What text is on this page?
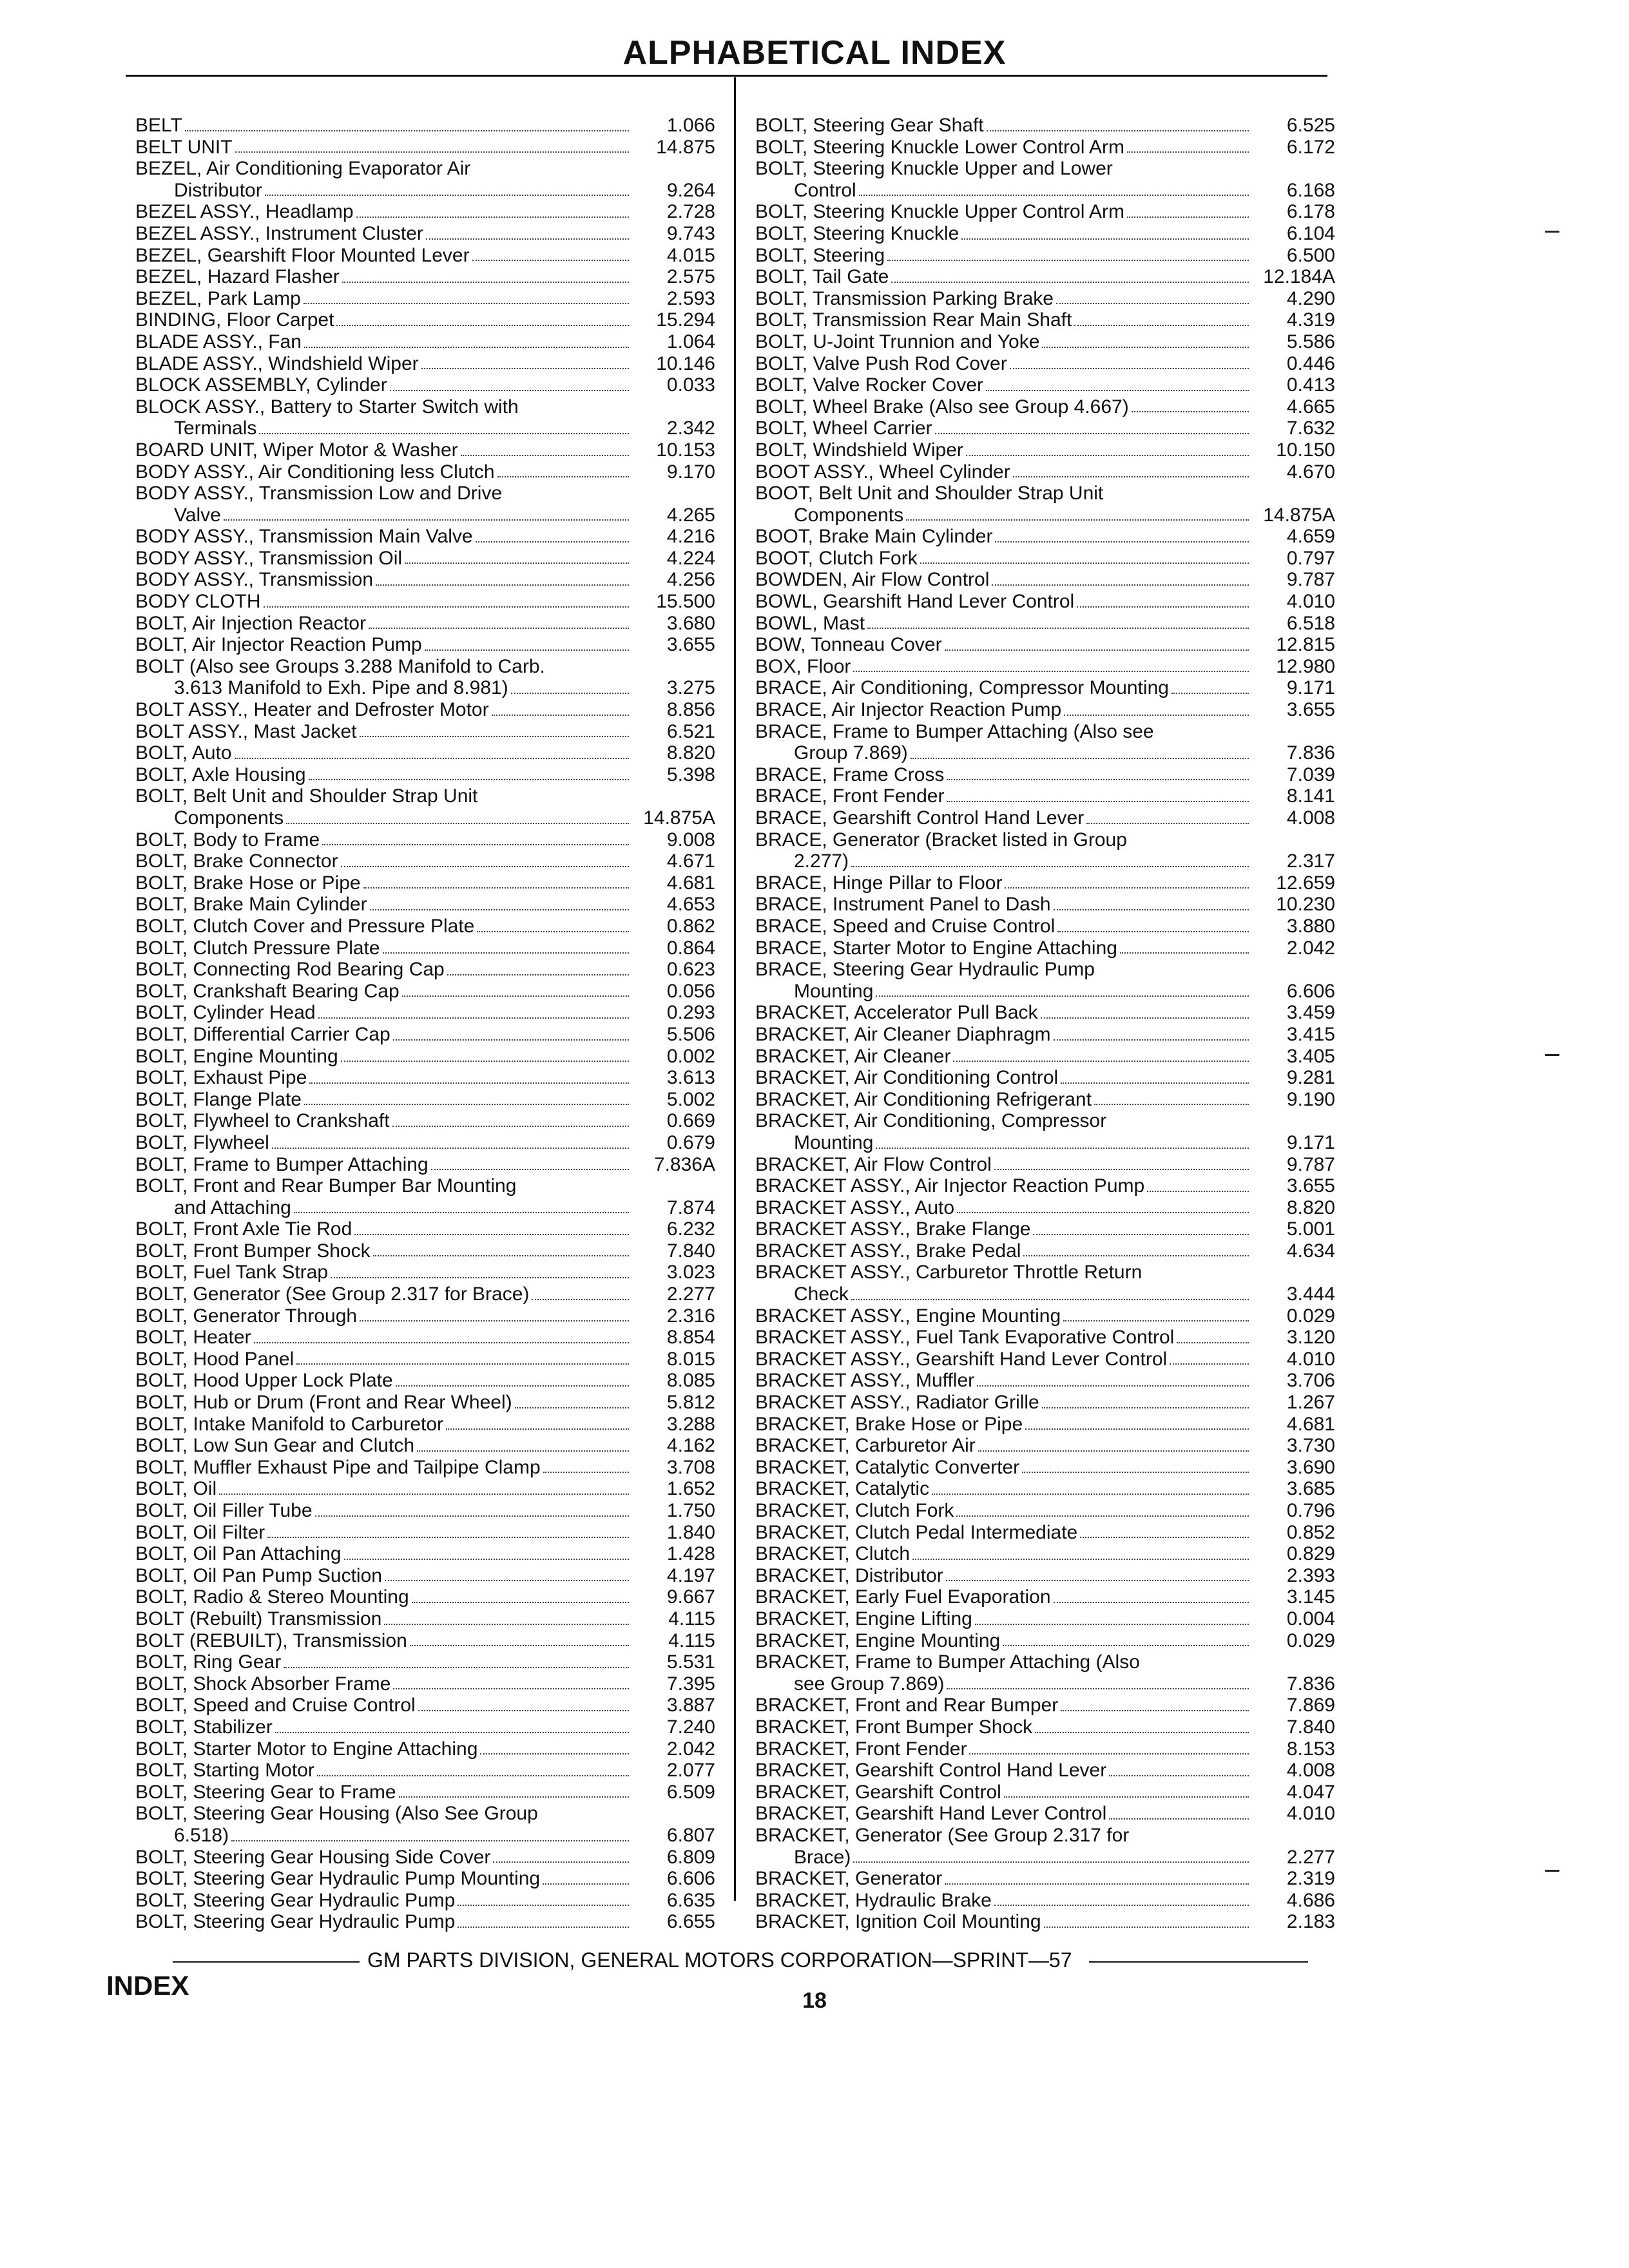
ALPHABETICAL INDEX
BELT	1.066
BELT UNIT	14.875
BEZEL, Air Conditioning Evaporator Air
Distributor	9.264
BEZEL ASSY., Headlamp	2.728
BEZEL ASSY., Instrument Cluster	9.743
BEZEL, Gearshift Floor Mounted Lever	4.015
BEZEL, Hazard Flasher	2.575
BEZEL, Park Lamp	2.593
BINDING, Floor Carpet	15.294
BLADE ASSY., Fan	1.064
BLADE ASSY., Windshield Wiper	10.146
BLOCK ASSEMBLY, Cylinder	0.033
BLOCK ASSY., Battery to Starter Switch with
Terminals	2.342
BOARD UNIT, Wiper Motor & Washer	10.153
BODY ASSY., Air Conditioning less Clutch	9.170
BODY ASSY., Transmission Low and Drive
Valve	4.265
BODY ASSY., Transmission Main Valve	4.216
BODY ASSY., Transmission Oil	4.224
BODY ASSY., Transmission	4.256
BODY CLOTH	15.500
BOLT, Air Injection Reactor	3.680
BOLT, Air Injector Reaction Pump	3.655
BOLT (Also see Groups 3.288 Manifold to Carb.
3.613 Manifold to Exh. Pipe and 8.981)	3.275
BOLT ASSY., Heater and Defroster Motor	8.856
BOLT ASSY., Mast Jacket	6.521
BOLT, Auto	8.820
BOLT, Axle Housing	5.398
BOLT, Belt Unit and Shoulder Strap Unit
Components	14.875A
BOLT, Body to Frame	9.008
BOLT, Brake Connector	4.671
BOLT, Brake Hose or Pipe	4.681
BOLT, Brake Main Cylinder	4.653
BOLT, Clutch Cover and Pressure Plate	0.862
BOLT, Clutch Pressure Plate	0.864
BOLT, Connecting Rod Bearing Cap	0.623
BOLT, Crankshaft Bearing Cap	0.056
BOLT, Cylinder Head	0.293
BOLT, Differential Carrier Cap	5.506
BOLT, Engine Mounting	0.002
BOLT, Exhaust Pipe	3.613
BOLT, Flange Plate	5.002
BOLT, Flywheel to Crankshaft	0.669
BOLT, Flywheel	0.679
BOLT, Frame to Bumper Attaching	7.836A
BOLT, Front and Rear Bumper Bar Mounting
and Attaching	7.874
BOLT, Front Axle Tie Rod	6.232
BOLT, Front Bumper Shock	7.840
BOLT, Fuel Tank Strap	3.023
BOLT, Generator (See Group 2.317 for Brace)	2.277
BOLT, Generator Through	2.316
BOLT, Heater	8.854
BOLT, Hood Panel	8.015
BOLT, Hood Upper Lock Plate	8.085
BOLT, Hub or Drum (Front and Rear Wheel)	5.812
BOLT, Intake Manifold to Carburetor	3.288
BOLT, Low Sun Gear and Clutch	4.162
BOLT, Muffler Exhaust Pipe and Tailpipe Clamp	3.708
BOLT, Oil	1.652
BOLT, Oil Filler Tube	1.750
BOLT, Oil Filter	1.840
BOLT, Oil Pan Attaching	1.428
BOLT, Oil Pan Pump Suction	4.197
BOLT, Radio & Stereo Mounting	9.667
BOLT (Rebuilt) Transmission	4.115
BOLT (REBUILT), Transmission	4.115
BOLT, Ring Gear	5.531
BOLT, Shock Absorber Frame	7.395
BOLT, Speed and Cruise Control	3.887
BOLT, Stabilizer	7.240
BOLT, Starter Motor to Engine Attaching	2.042
BOLT, Starting Motor	2.077
BOLT, Steering Gear to Frame	6.509
BOLT, Steering Gear Housing (Also See Group
6.518)	6.807
BOLT, Steering Gear Housing Side Cover	6.809
BOLT, Steering Gear Hydraulic Pump Mounting	6.606
BOLT, Steering Gear Hydraulic Pump	6.635
BOLT, Steering Gear Hydraulic Pump	6.655
BOLT, Steering Gear Shaft	6.525
BOLT, Steering Knuckle Lower Control Arm	6.172
BOLT, Steering Knuckle Upper and Lower
Control	6.168
BOLT, Steering Knuckle Upper Control Arm	6.178
BOLT, Steering Knuckle	6.104
BOLT, Steering	6.500
BOLT, Tail Gate	12.184A
BOLT, Transmission Parking Brake	4.290
BOLT, Transmission Rear Main Shaft	4.319
BOLT, U-Joint Trunnion and Yoke	5.586
BOLT, Valve Push Rod Cover	0.446
BOLT, Valve Rocker Cover	0.413
BOLT, Wheel Brake (Also see Group 4.667)	4.665
BOLT, Wheel Carrier	7.632
BOLT, Windshield Wiper	10.150
BOOT ASSY., Wheel Cylinder	4.670
BOOT, Belt Unit and Shoulder Strap Unit
Components	14.875A
BOOT, Brake Main Cylinder	4.659
BOOT, Clutch Fork	0.797
BOWDEN, Air Flow Control	9.787
BOWL, Gearshift Hand Lever Control	4.010
BOWL, Mast	6.518
BOW, Tonneau Cover	12.815
BOX, Floor	12.980
BRACE, Air Conditioning, Compressor Mounting	9.171
BRACE, Air Injector Reaction Pump	3.655
BRACE, Frame to Bumper Attaching (Also see
Group 7.869)	7.836
BRACE, Frame Cross	7.039
BRACE, Front Fender	8.141
BRACE, Gearshift Control Hand Lever	4.008
BRACE, Generator (Bracket listed in Group
2.277)	2.317
BRACE, Hinge Pillar to Floor	12.659
BRACE, Instrument Panel to Dash	10.230
BRACE, Speed and Cruise Control	3.880
BRACE, Starter Motor to Engine Attaching	2.042
BRACE, Steering Gear Hydraulic Pump
Mounting	6.606
BRACKET, Accelerator Pull Back	3.459
BRACKET, Air Cleaner Diaphragm	3.415
BRACKET, Air Cleaner	3.405
BRACKET, Air Conditioning Control	9.281
BRACKET, Air Conditioning Refrigerant	9.190
BRACKET, Air Conditioning, Compressor
Mounting	9.171
BRACKET, Air Flow Control	9.787
BRACKET ASSY., Air Injector Reaction Pump	3.655
BRACKET ASSY., Auto	8.820
BRACKET ASSY., Brake Flange	5.001
BRACKET ASSY., Brake Pedal	4.634
BRACKET ASSY., Carburetor Throttle Return
Check	3.444
BRACKET ASSY., Engine Mounting	0.029
BRACKET ASSY., Fuel Tank Evaporative Control	3.120
BRACKET ASSY., Gearshift Hand Lever Control	4.010
BRACKET ASSY., Muffler	3.706
BRACKET ASSY., Radiator Grille	1.267
BRACKET, Brake Hose or Pipe	4.681
BRACKET, Carburetor Air	3.730
BRACKET, Catalytic Converter	3.690
BRACKET, Catalytic	3.685
BRACKET, Clutch Fork	0.796
BRACKET, Clutch Pedal Intermediate	0.852
BRACKET, Clutch	0.829
BRACKET, Distributor	2.393
BRACKET, Early Fuel Evaporation	3.145
BRACKET, Engine Lifting	0.004
BRACKET, Engine Mounting	0.029
BRACKET, Frame to Bumper Attaching (Also
see Group 7.869)	7.836
BRACKET, Front and Rear Bumper	7.869
BRACKET, Front Bumper Shock	7.840
BRACKET, Front Fender	8.153
BRACKET, Gearshift Control Hand Lever	4.008
BRACKET, Gearshift Control	4.047
BRACKET, Gearshift Hand Lever Control	4.010
BRACKET, Generator (See Group 2.317 for
Brace)	2.277
BRACKET, Generator	2.319
BRACKET, Hydraulic Brake	4.686
BRACKET, Ignition Coil Mounting	2.183
GM PARTS DIVISION, GENERAL MOTORS CORPORATION—SPRINT—57
INDEX	18
